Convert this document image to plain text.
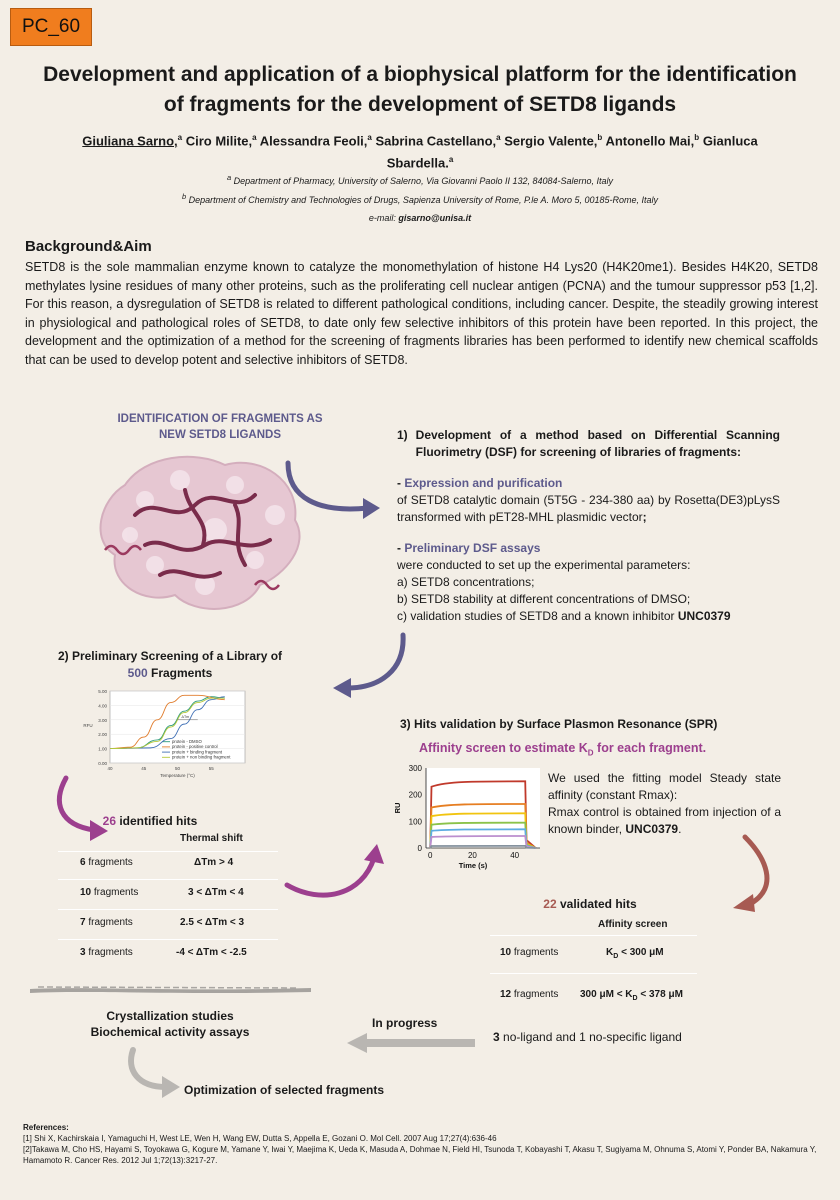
PC_60
Development and application of a biophysical platform for the identification of fragments for the development of SETD8 ligands
Giuliana Sarno,$^a$ Ciro Milite,$^a$ Alessandra Feoli,$^a$ Sabrina Castellano,$^a$ Sergio Valente,$^b$ Antonello Mai,$^b$ Gianluca Sbardella.$^a$
$^a$ Department of Pharmacy, University of Salerno, Via Giovanni Paolo II 132, 84084-Salerno, Italy
$^b$ Department of Chemistry and Technologies of Drugs, Sapienza University of Rome, P.le A. Moro 5, 00185-Rome, Italy
e-mail: gisarno@unisa.it
Background&Aim
SETD8 is the sole mammalian enzyme known to catalyze the monomethylation of histone H4 Lys20 (H4K20me1). Besides H4K20, SETD8 methylates lysine residues of many other proteins, such as the proliferating cell nuclear antigen (PCNA) and the tumour suppressor p53 [1,2]. For this reason, a dysregulation of SETD8 is related to different pathological conditions, including cancer. Despite, the steadily growing interest in physiological and pathological roles of SETD8, to date only few selective inhibitors of this protein have been reported. In this project, the development and the optimization of a method for the screening of fragments libraries has been performed to identify new chemical scaffolds that can be used to develop potent and selective inhibitors of SETD8.
IDENTIFICATION OF FRAGMENTS AS
NEW SETD8 LIGANDS	1) Development of a method based on Differential Scanning Fluorimetry (DSF) for screening of libraries of fragments:
- Expression and purification
of SETD8 catalytic domain (5T5G - 234-380 aa) by Rosetta(DE3)pLysS transformed with pET28-MHL plasmidic vector;
- Preliminary DSF assays
were conducted to set up the experimental parameters:
a) SETD8 concentrations;
b) SETD8 stability at different concentrations of DMSO;
c) validation studies of SETD8 and a known inhibitor UNC0379
2) Preliminary Screening of a Library of
500 Fragments
5.00
4.00
3.00
2.00
1.00
0.00
40	45	50	55
Temperature (°C)
RFU
protein - DMSO
protein - positive control
protein + binding fragment
protein + non binding fragment
ΔTm
26 identified hits
Thermal shift
6 fragments	ΔTm > 4
10 fragments	3 < ΔTm < 4
7 fragments	2.5 < ΔTm < 3
3 fragments	-4 < ΔTm < -2.5
3) Hits validation by Surface Plasmon Resonance (SPR)
Affinity screen to estimate $K_D$ for each fragment.
300
200
100
0
0	20	40
Time (s)
RU
We used the fitting model Steady state affinity (constant Rmax):
Rmax control is obtained from injection of a known binder, UNC0379.
22 validated hits
Affinity screen
10 fragments	$K_D < 300$ μM
12 fragments 300 $\mu M < K_D < 378$ μM
3 no-ligand and 1 no-specific ligand
Crystallization studies
Biochemical activity assays
In progress
Optimization of selected fragments
References:
[1] Shi X, Kachirskaia I, Yamaguchi H, West LE, Wen H, Wang EW, Dutta S, Appella E, Gozani O. Mol Cell. 2007 Aug 17;27(4):636-46
[2]Takawa M, Cho HS, Hayami S, Toyokawa G, Kogure M, Yamane Y, Iwai Y, Maejima K, Ueda K, Masuda A, Dohmae N, Field HI, Tsunoda T, Kobayashi T, Akasu T, Sugiyama M, Ohnuma S, Atomi Y, Ponder BA, Nakamura Y, Hamamoto R. Cancer Res. 2012 Jul 1;72(13):3217-27.
